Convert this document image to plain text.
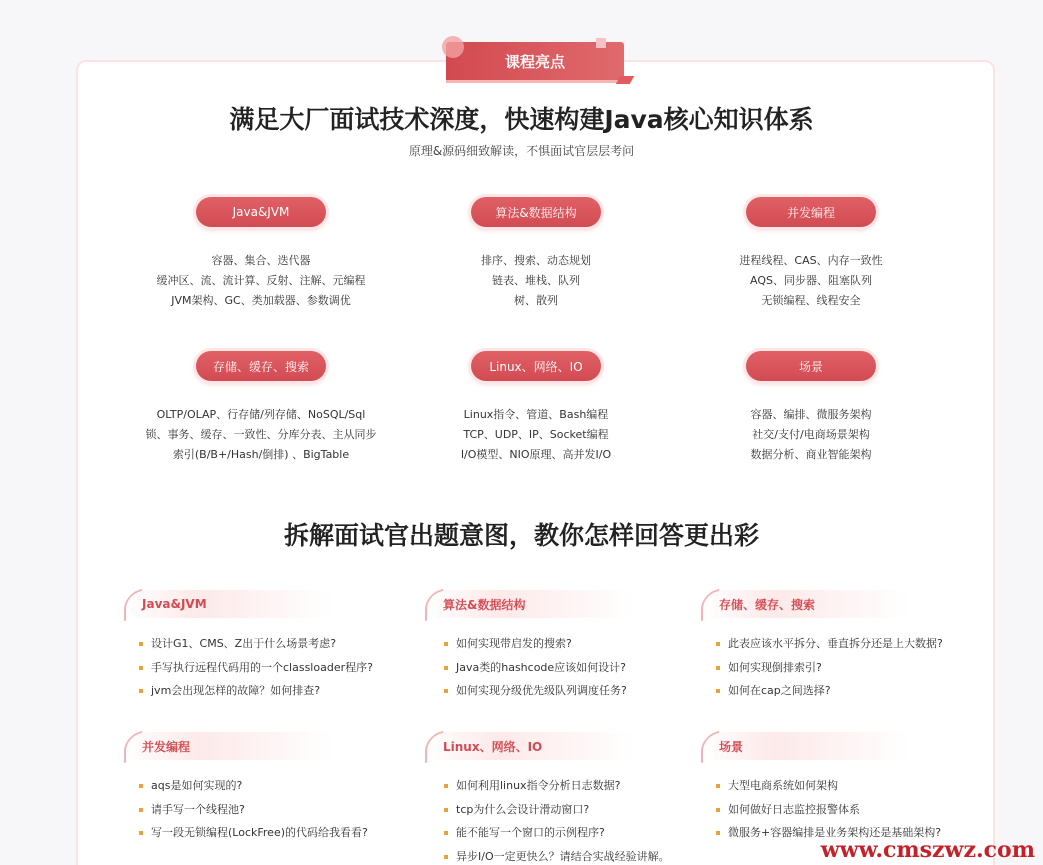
课程亮点
满足大厂面试技术深度，快速构建Java核心知识体系
原理&源码细致解读，不惧面试官层层考问
Java&JVM	算法&数据结构	并发编程
容器、集合、迭代器
缓冲区、流、流计算、反射、注解、元编程
JVM架构、GC、类加载器、参数调优
排序、搜索、动态规划
链表、堆栈、队列
树、散列
进程线程、CAS、内存一致性
AQS、同步器、阻塞队列
无锁编程、线程安全
存储、缓存、搜索	Linux、网络、IO	场景
OLTP/OLAP、行存储/列存储、NoSQL/Sql
锁、事务、缓存、一致性、分库分表、主从同步
索引(B/B+/Hash/倒排) 、BigTable
Linux指令、管道、Bash编程
TCP、UDP、IP、Socket编程
I/O模型、NIO原理、高并发I/O
容器、编排、微服务架构
社交/支付/电商场景架构
数据分析、商业智能架构
拆解面试官出题意图，教你怎样回答更出彩
Java&JVM	算法&数据结构	存储、缓存、搜索
设计G1、CMS、Z出于什么场景考虑?
手写执行远程代码用的一个classloader程序?
jvm会出现怎样的故障？如何排查?
如何实现带启发的搜索?
Java类的hashcode应该如何设计?
如何实现分级优先级队列调度任务?
此表应该水平拆分、垂直拆分还是上大数据?
如何实现倒排索引?
如何在cap之间选择?
并发编程	Linux、网络、IO	场景
aqs是如何实现的?
请手写一个线程池?
写一段无锁编程(LockFree)的代码给我看看?
如何利用linux指令分析日志数据?
tcp为什么会设计滑动窗口?
能不能写一个窗口的示例程序?
异步I/O一定更快么？请结合实战经验讲解。
大型电商系统如何架构
如何做好日志监控报警体系
微服务+容器编排是业务架构还是基础架构?
www.cmszwz.com
